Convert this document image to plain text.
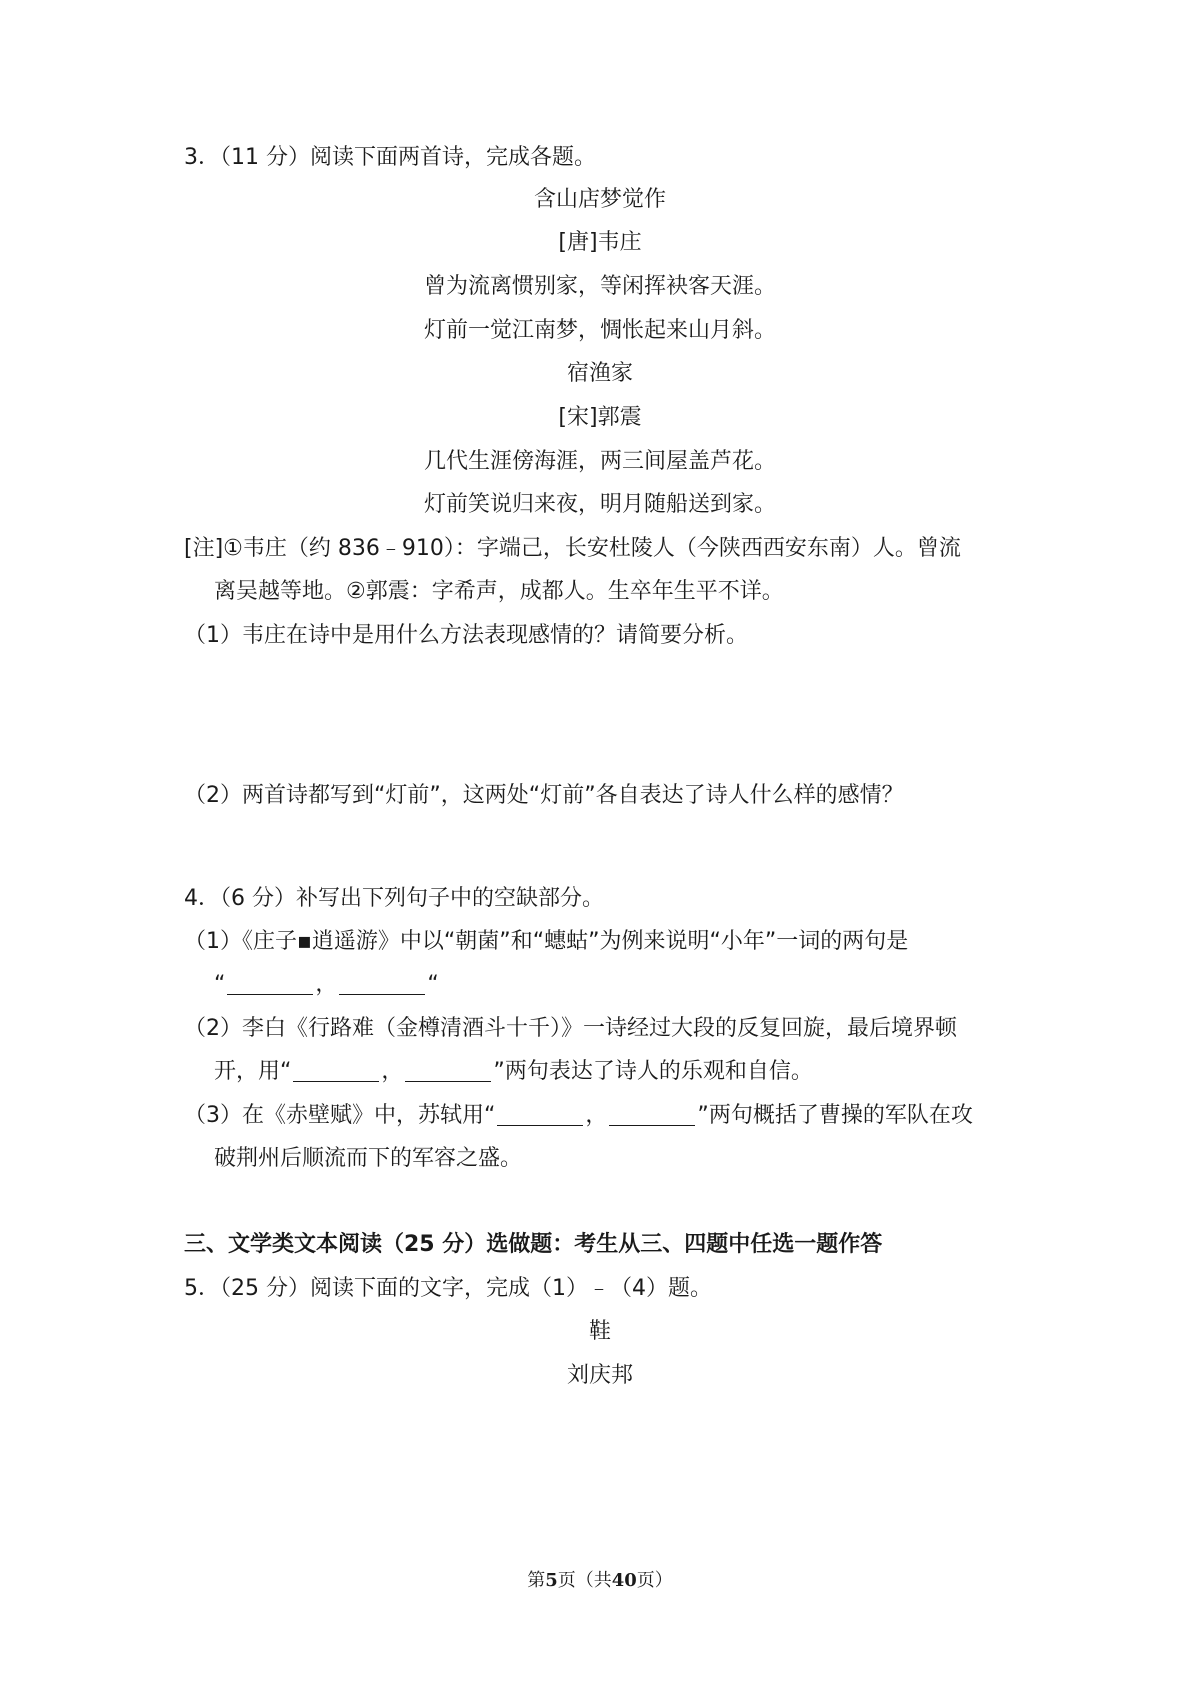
3．（11 分）阅读下面两首诗，完成各题。
含山店梦觉作
[唐]韦庄
曾为流离惯别家，等闲挥袂客天涯。
灯前一觉江南梦，惆怅起来山月斜。
宿渔家
[宋]郭震
几代生涯傍海涯，两三间屋盖芦花。
灯前笑说归来夜，明月随船送到家。
[注]①韦庄（约 836﹣910）：字端己，长安杜陵人（今陕西西安东南）人。曾流
离吴越等地。②郭震：字希声，成都人。生卒年生平不详。
（1）韦庄在诗中是用什么方法表现感情的？请简要分析。
（2）两首诗都写到“灯前”，这两处“灯前”各自表达了诗人什么样的感情？
4．（6 分）补写出下列句子中的空缺部分。
（1）《庄子▪逍遥游》中以“朝菌”和“蟪蛄”为例来说明“小年”一词的两句是
“	，	“
（2）李白《行路难（金樽清酒斗十千）》一诗经过大段的反复回旋，最后境界顿
开，用“	，	”两句表达了诗人的乐观和自信。
（3）在《赤壁赋》中，苏轼用“	，	”两句概括了曹操的军队在攻
破荆州后顺流而下的军容之盛。
三、文学类文本阅读（25 分）选做题：考生从三、四题中任选一题作答
5．（25 分）阅读下面的文字，完成（1）﹣（4）题。
鞋
刘庆邦
第5页（共40页）
